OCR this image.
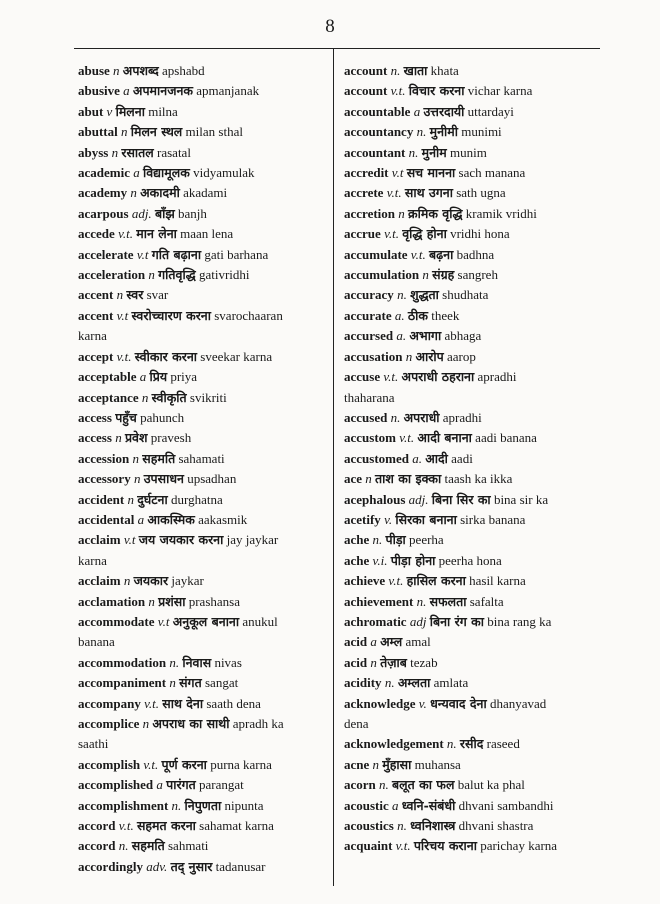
8
abuse n अपशब्द apshabd
abusive a अपमानजनक apmanjanak
abut v मिलना milna
abuttal n मिलन स्थल milan sthal
abyss n रसातल rasatal
academic a विद्यामूलक vidyamulak
academy n अकादमी akadami
acarpous adj. बाँझ banjh
accede v.t. मान लेना maan lena
accelerate v.t गति बढ़ाना gati barhana
acceleration n गतिवृद्धि gativridhi
accent n स्वर svar
accent v.t स्वरोच्चारण करना svarochaaran
karna
accept v.t. स्वीकार करना sveekar karna
acceptable a प्रिय priya
acceptance n स्वीकृति svikriti
access पहुँच pahunch
access n प्रवेश pravesh
accession n सहमति sahamati
accessory n उपसाधन upsadhan
accident n दुर्घटना durghatna
accidental a आकस्मिक aakasmik
acclaim v.t जय जयकार करना jay jaykar
karna
acclaim n जयकार jaykar
acclamation n प्रशंसा prashansa
accommodate v.t अनुकूल बनाना anukul
banana
accommodation n. निवास nivas
accompaniment n संगत sangat
accompany v.t. साथ देना saath dena
accomplice n अपराध का साथी apradh ka
saathi
accomplish v.t. पूर्ण करना purna karna
accomplished a पारंगत parangat
accomplishment n. निपुणता nipunta
accord v.t. सहमत करना sahamat karna
accord n. सहमति sahmati
accordingly adv. तद् नुसार tadanusar
account n. खाता khata
account v.t. विचार करना vichar karna
accountable a उत्तरदायी uttardayi
accountancy n. मुनीमी munimi
accountant n. मुनीम munim
accredit v.t सच मानना sach manana
accrete v.t. साथ उगना sath ugna
accretion n क्रमिक वृद्धि kramik vridhi
accrue v.t. वृद्धि होना vridhi hona
accumulate v.t. बढ़ना badhna
accumulation n संग्रह sangreh
accuracy n. शुद्धता shudhata
accurate a. ठीक theek
accursed a. अभागा abhaga
accusation n आरोप aarop
accuse v.t. अपराधी ठहराना apradhi
thaharana
accused n. अपराधी apradhi
accustom v.t. आदी बनाना aadi banana
accustomed a. आदी aadi
ace n ताश का इक्का taash ka ikka
acephalous adj. बिना सिर का bina sir ka
acetify v. सिरका बनाना sirka banana
ache n. पीड़ा peerha
ache v.i. पीड़ा होना peerha hona
achieve v.t. हासिल करना hasil karna
achievement n. सफलता safalta
achromatic adj बिना रंग का bina rang ka
acid a अम्ल amal
acid n तेज़ाब tezab
acidity n. अम्लता amlata
acknowledge v. धन्यवाद देना dhanyavad
dena
acknowledgement n. रसीद raseed
acne n मुँहासा muhansa
acorn n. बलूत का फल balut ka phal
acoustic a ध्वनि-संबंधी dhvani sambandhi
acoustics n. ध्वनिशास्त्र dhvani shastra
acquaint v.t. परिचय कराना parichay karna
